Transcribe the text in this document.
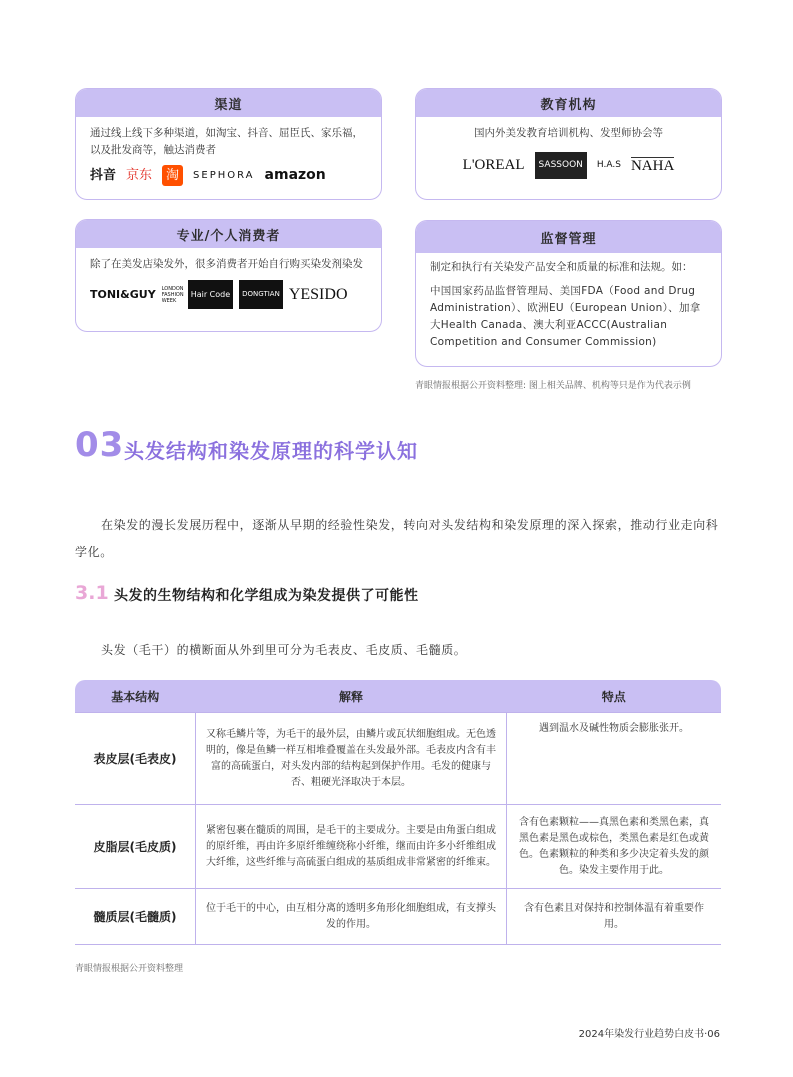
渠道
通过线上线下多种渠道，如淘宝、抖音、屈臣氏、家乐福，以及批发商等，触达消费者
抖音 京东	淘	SEPHORA amazon
教育机构
国内外美发教育培训机构、发型师协会等
L'OREAL	SASSOON	H.A.S NAHA
专业/个人消费者
除了在美发店染发外，很多消费者开始自行购买染发剂染发
TONI&GUY LONDON FASHION WEEK
Hair Code	DONGTIAN YESIDO
监督管理
制定和执行有关染发产品安全和质量的标准和法规。如：
中国国家药品监督管理局、美国FDA（Food and Drug Administration）、欧洲EU（European Union）、加拿大Health Canada、澳大利亚ACCC(Australian Competition and Consumer Commission)
青眼情报根据公开资料整理: 图上相关品牌、机构等只是作为代表示例
03 头发结构和染发原理的科学认知
在染发的漫长发展历程中，逐渐从早期的经验性染发，转向对头发结构和染发原理的深入探索，推动行业走向科学化。
3.1 头发的生物结构和化学组成为染发提供了可能性
头发（毛干）的横断面从外到里可分为毛表皮、毛皮质、毛髓质。
基本结构	解释	特点
表皮层(毛表皮)	又称毛鳞片等，为毛干的最外层，由鳞片或瓦状细胞组成。无色透明的，像是鱼鳞一样互相堆叠覆盖在头发最外部。毛表皮内含有丰富的高硫蛋白，对头发内部的结构起到保护作用。毛发的健康与否、粗硬光泽取决于本层。	遇到温水及碱性物质会膨胀张开。
皮脂层(毛皮质)	紧密包裹在髓质的周围，是毛干的主要成分。主要是由角蛋白组成的原纤维，再由许多原纤维缠绕称小纤维，继而由许多小纤维组成大纤维，这些纤维与高硫蛋白组成的基质组成非常紧密的纤维束。	含有色素颗粒——真黑色素和类黑色素，真黑色素是黑色或棕色，类黑色素是红色或黄色。色素颗粒的种类和多少决定着头发的颜色。染发主要作用于此。
髓质层(毛髓质)	位于毛干的中心，由互相分离的透明多角形化细胞组成，有支撑头发的作用。	含有色素且对保持和控制体温有着重要作用。
青眼情报根据公开资料整理
2024年染发行业趋势白皮书·06
